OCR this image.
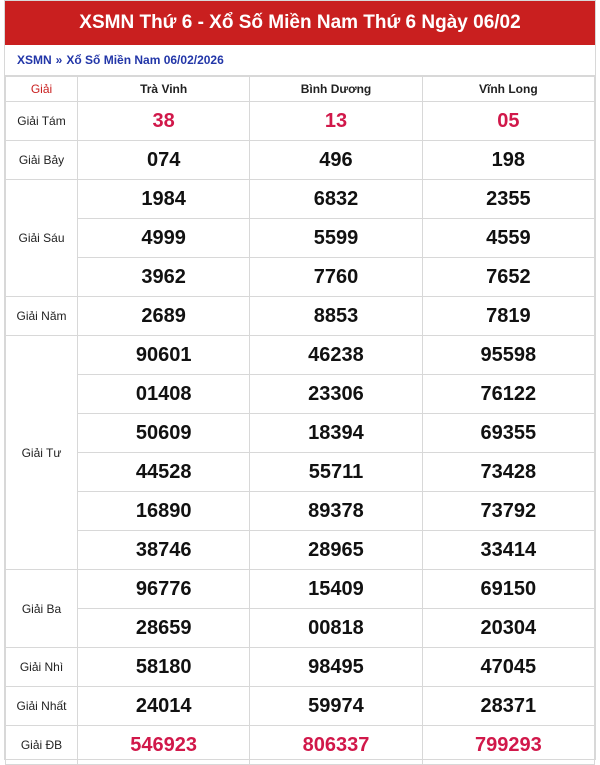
XSMN Thứ 6 - Xổ Số Miền Nam Thứ 6 Ngày 06/02
XSMN » Xổ Số Miền Nam 06/02/2026
Giải	Trà Vinh	Bình Dương	Vĩnh Long
Giải Tám	38	13	05
Giải Bảy	074	496	198
Giải Sáu	1984	6832	2355
	4999	5599	4559
	3962	7760	7652
Giải Năm	2689	8853	7819
Giải Tư	90601	46238	95598
	01408	23306	76122
	50609	18394	69355
	44528	55711	73428
	16890	89378	73792
	38746	28965	33414
Giải Ba	96776	15409	69150
	28659	00818	20304
Giải Nhì	58180	98495	47045
Giải Nhất	24014	59974	28371
Giải ĐB	546923	806337	799293
